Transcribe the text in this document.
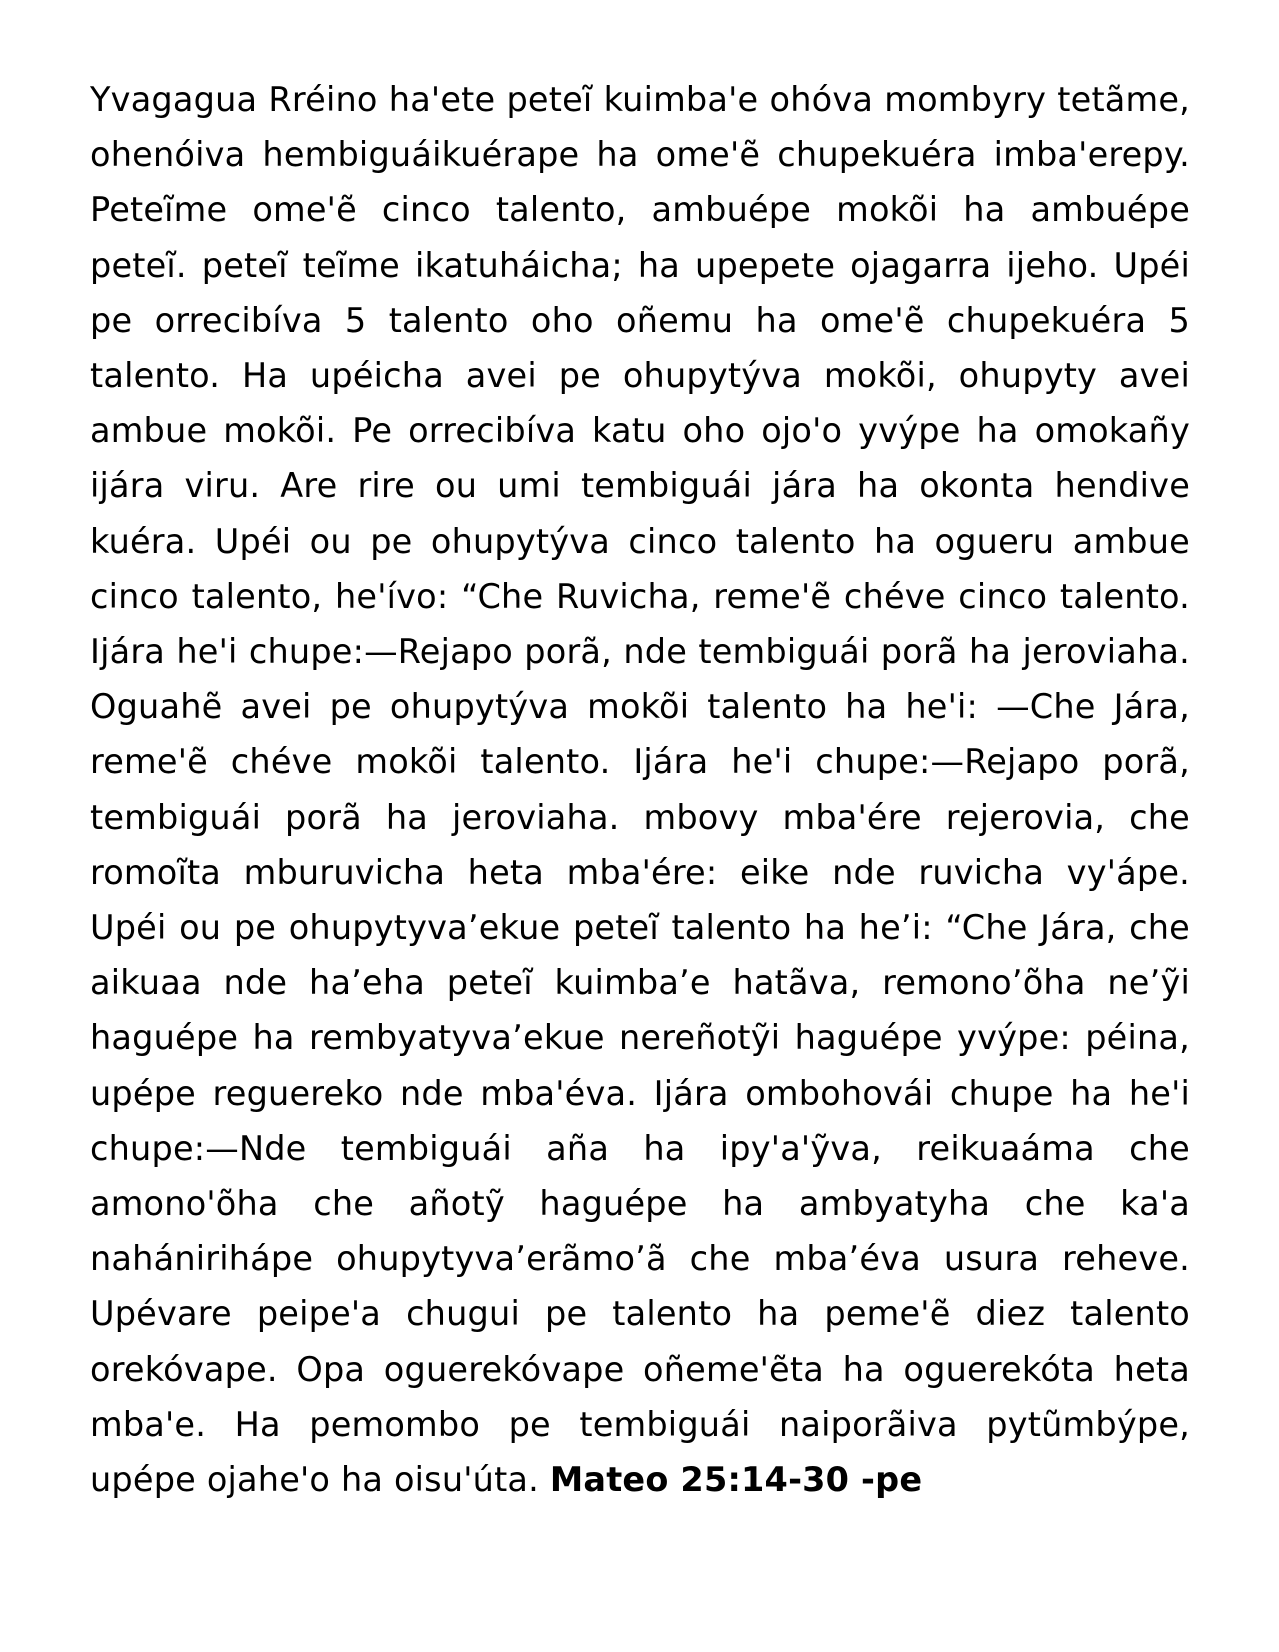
Yvagagua Rréino ha'ete peteĩ kuimba'e ohóva mombyry tetãme, ohenóiva hembiguáikuérape ha ome'ẽ chupekuéra imba'erepy. Peteĩme ome'ẽ cinco talento, ambuépe mokõi ha ambuépe peteĩ. peteĩ teĩme ikatuháicha; ha upepete ojagarra ijeho. Upéi pe orrecibíva 5 talento oho oñemu ha ome'ẽ chupekuéra 5 talento. Ha upéicha avei pe ohupytýva mokõi, ohupyty avei ambue mokõi. Pe orrecibíva katu oho ojo'o yvýpe ha omokañy ijára viru. Are rire ou umi tembiguái jára ha okonta hendive kuéra. Upéi ou pe ohupytýva cinco talento ha ogueru ambue cinco talento, he'ívo: “Che Ruvicha, reme'ẽ chéve cinco talento. Ijára he'i chupe:—Rejapo porã, nde tembiguái porã ha jeroviaha. Oguahẽ avei pe ohupytýva mokõi talento ha he'i: —Che Jára, reme'ẽ chéve mokõi talento. Ijára he'i chupe:—Rejapo porã, tembiguái porã ha jeroviaha. mbovy mba'ére rejerovia, che romoĩta mburuvicha heta mba'ére: eike nde ruvicha vy'ápe. Upéi ou pe ohupytyva’ekue peteĩ talento ha he’i: “Che Jára, che aikuaa nde ha’eha peteĩ kuimba’e hatãva, remono’õha ne’ỹi haguépe ha rembyatyva’ekue nereñotỹi haguépe yvýpe: péina, upépe reguereko nde mba'éva. Ijára ombohovái chupe ha he'i chupe:—Nde tembiguái aña ha ipy'a'ỹva, reikuaáma che amono'õha che añotỹ haguépe ha ambyatyha che ka'a nahániriháре ohupytyva’erãmo’ã che mba’éva usura reheve. Upévare peipe'a chugui pe talento ha peme'ẽ diez talento orekóvape. Opa oguerekóvape oñeme'ẽta ha oguerekóta heta mba'e. Ha pemombo pe tembiguái naiporãiva pytũmbýpe, upépe ojahe'o ha oisu'úta. Mateo 25:14-30 -pe
